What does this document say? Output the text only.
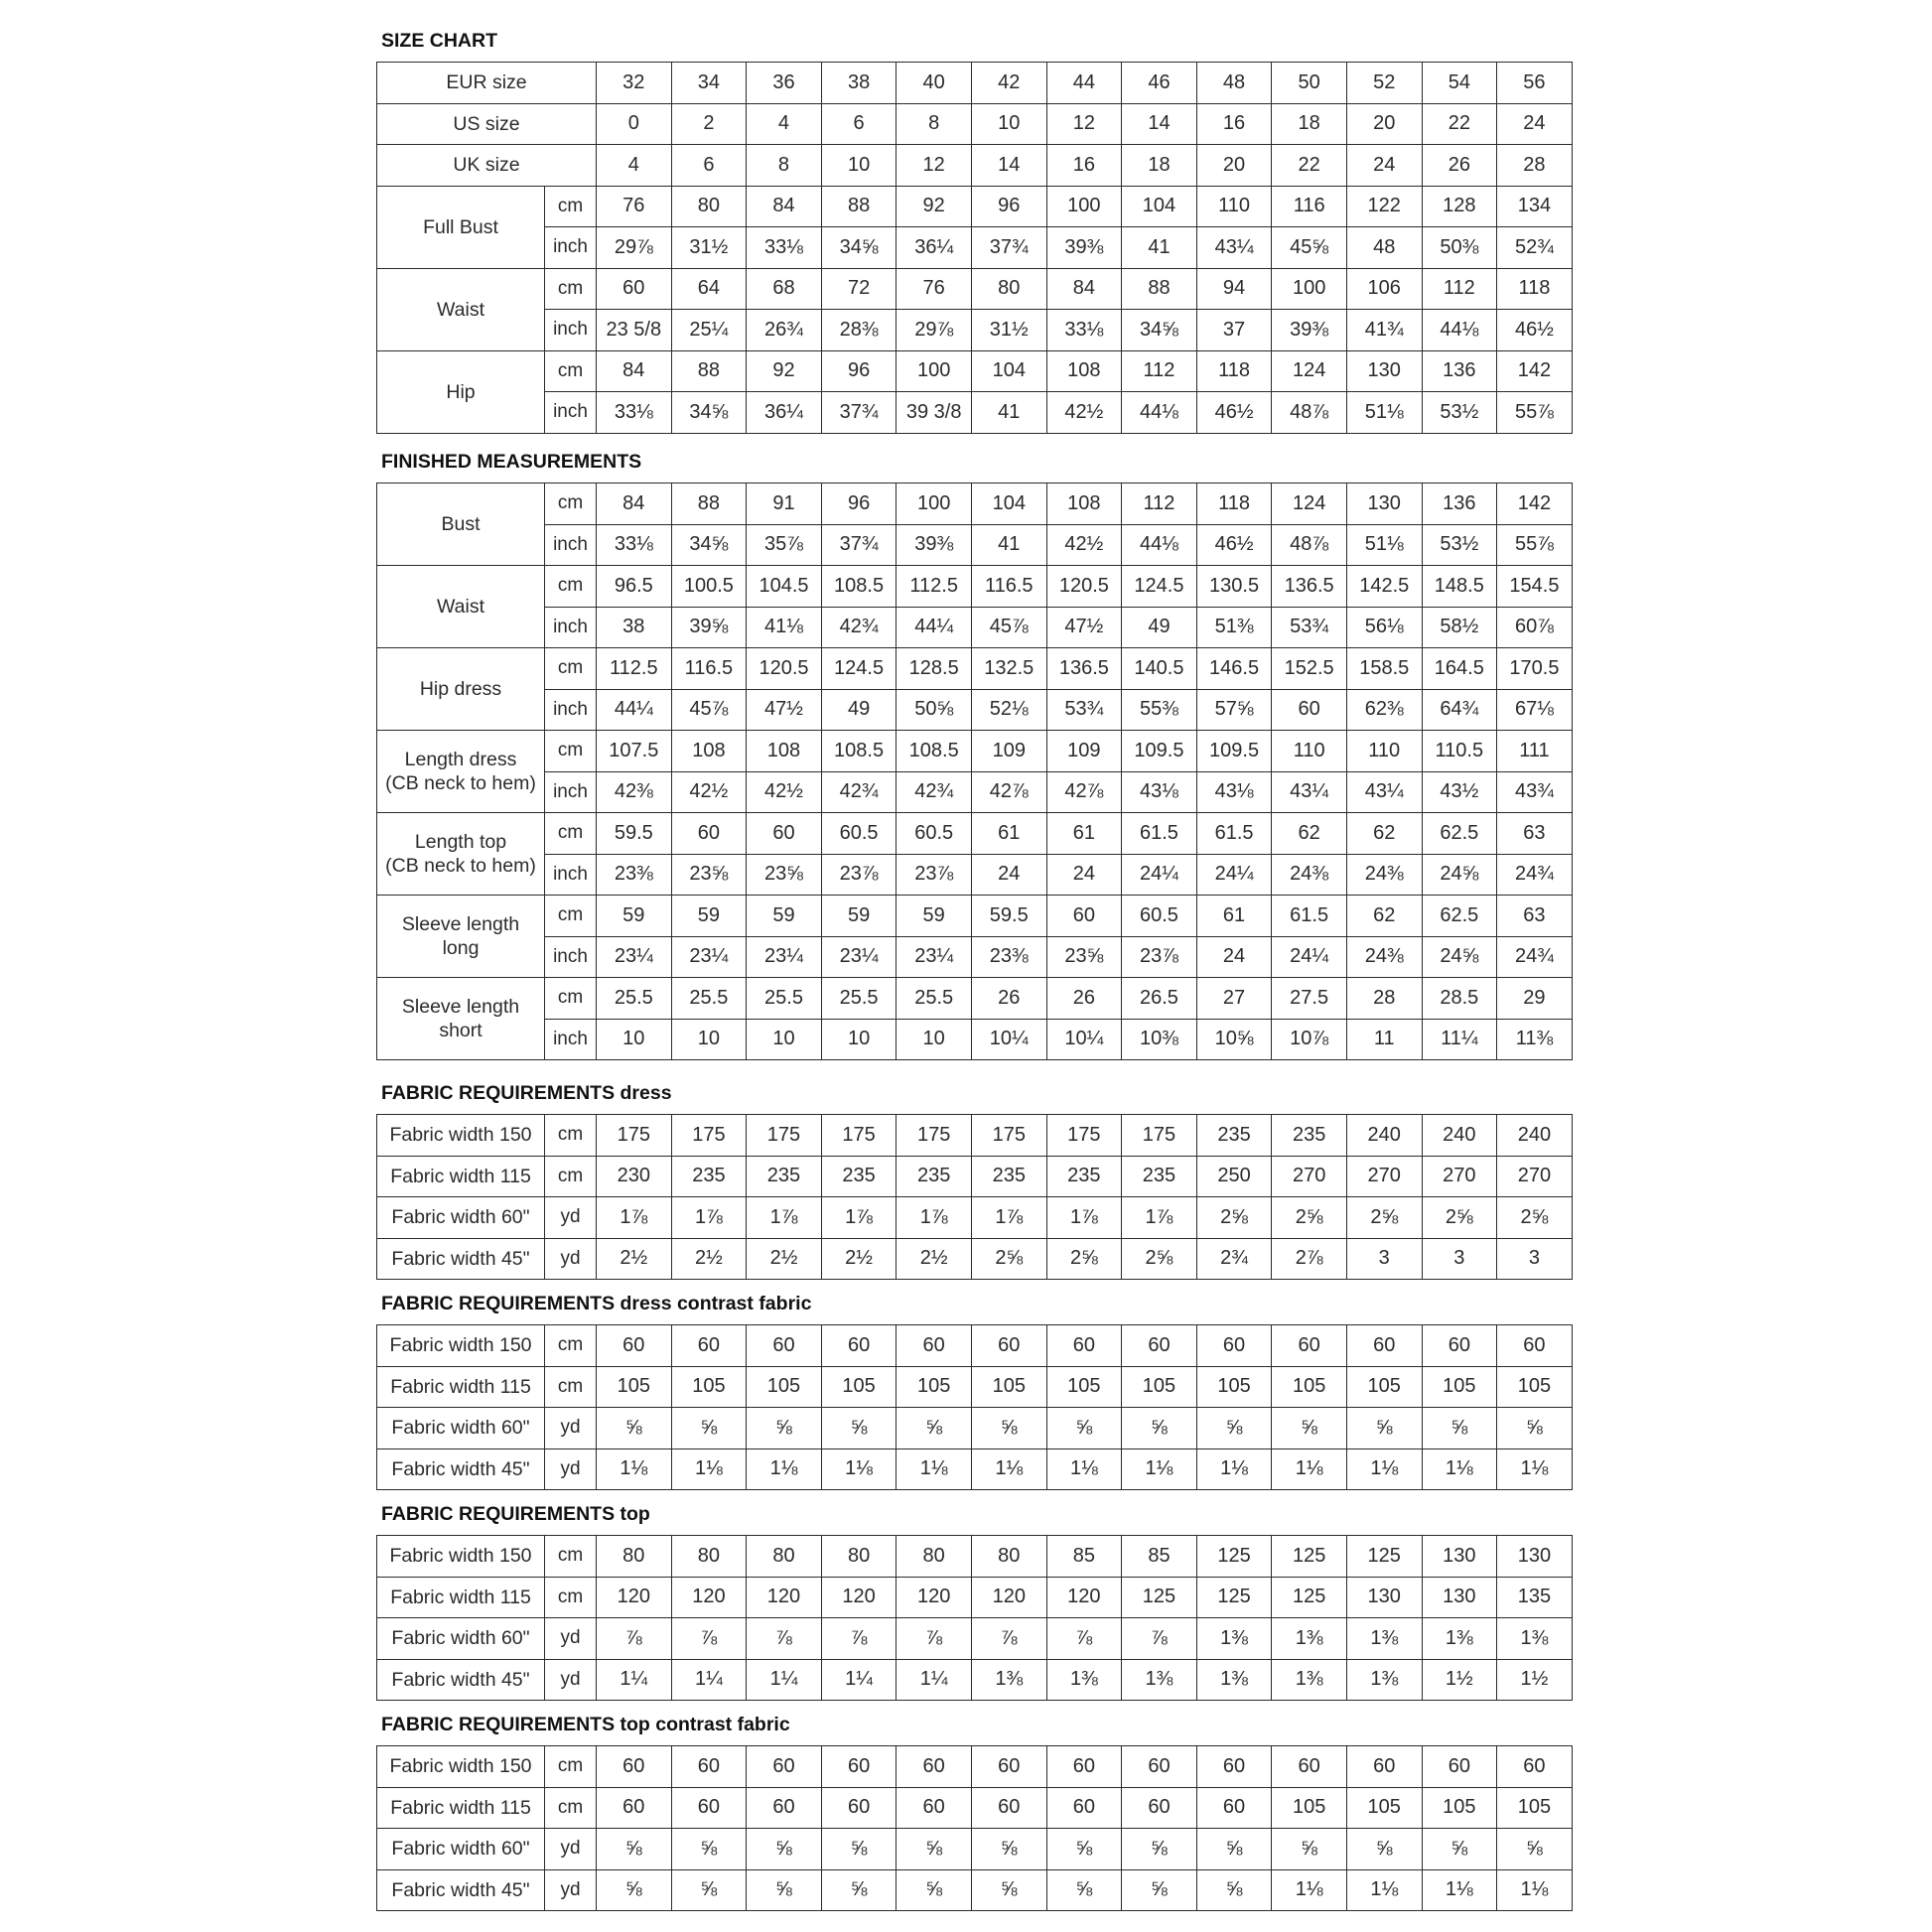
SIZE CHART
EUR size		32	34	36	38	40	42	44	46	48	50	52	54	56
US size		0	2	4	6	8	10	12	14	16	18	20	22	24
UK size		4	6	8	10	12	14	16	18	20	22	24	26	28

Full Bust	cm	76	80	84	88	92	96	100	104	110	116	122	128	134
	inch	29⅞	31½	33⅛	34⅝	36¼	37¾	39⅜	41	43¼	45⅝	48	50⅜	52¾

Waist	cm	60	64	68	72	76	80	84	88	94	100	106	112	118
	inch	23 5/8	25¼	26¾	28⅜	29⅞	31½	33⅛	34⅝	37	39⅜	41¾	44⅛	46½

Hip	cm	84	88	92	96	100	104	108	112	118	124	130	136	142
	inch	33⅛	34⅝	36¼	37¾	39 3/8	41	42½	44⅛	46½	48⅞	51⅛	53½	55⅞
FINISHED MEASUREMENTS
Bust	cm	84	88	91	96	100	104	108	112	118	124	130	136	142
	inch	33⅛	34⅝	35⅞	37¾	39⅜	41	42½	44⅛	46½	48⅞	51⅛	53½	55⅞

Waist	cm	96.5	100.5	104.5	108.5	112.5	116.5	120.5	124.5	130.5	136.5	142.5	148.5	154.5
	inch	38	39⅝	41⅛	42¾	44¼	45⅞	47½	49	51⅜	53¾	56⅛	58½	60⅞

Hip dress	cm	112.5	116.5	120.5	124.5	128.5	132.5	136.5	140.5	146.5	152.5	158.5	164.5	170.5
	inch	44¼	45⅞	47½	49	50⅝	52⅛	53¾	55⅜	57⅝	60	62⅜	64¾	67⅛

Length dress
(CB neck to hem)	cm	107.5	108	108	108.5	108.5	109	109	109.5	109.5	110	110	110.5	111
	inch	42⅜	42½	42½	42¾	42¾	42⅞	42⅞	43⅛	43⅛	43¼	43¼	43½	43¾

Length top
(CB neck to hem)	cm	59.5	60	60	60.5	60.5	61	61	61.5	61.5	62	62	62.5	63
	inch	23⅜	23⅝	23⅝	23⅞	23⅞	24	24	24¼	24¼	24⅜	24⅜	24⅝	24¾

Sleeve length
long	cm	59	59	59	59	59	59.5	60	60.5	61	61.5	62	62.5	63
	inch	23¼	23¼	23¼	23¼	23¼	23⅜	23⅝	23⅞	24	24¼	24⅜	24⅝	24¾

Sleeve length
short	cm	25.5	25.5	25.5	25.5	25.5	26	26	26.5	27	27.5	28	28.5	29
	inch	10	10	10	10	10	10¼	10¼	10⅜	10⅝	10⅞	11	11¼	11⅜
FABRIC REQUIREMENTS dress
Fabric width 150	cm	175	175	175	175	175	175	175	175	235	235	240	240	240
Fabric width 115	cm	230	235	235	235	235	235	235	235	250	270	270	270	270
Fabric width 60"	yd	1⅞	1⅞	1⅞	1⅞	1⅞	1⅞	1⅞	1⅞	2⅝	2⅝	2⅝	2⅝	2⅝
Fabric width 45"	yd	2½	2½	2½	2½	2½	2⅝	2⅝	2⅝	2¾	2⅞	3	3	3
FABRIC REQUIREMENTS dress contrast fabric
Fabric width 150	cm	60	60	60	60	60	60	60	60	60	60	60	60	60
Fabric width 115	cm	105	105	105	105	105	105	105	105	105	105	105	105	105
Fabric width 60"	yd	⅝	⅝	⅝	⅝	⅝	⅝	⅝	⅝	⅝	⅝	⅝	⅝	⅝
Fabric width 45"	yd	1⅛	1⅛	1⅛	1⅛	1⅛	1⅛	1⅛	1⅛	1⅛	1⅛	1⅛	1⅛	1⅛
FABRIC REQUIREMENTS top
Fabric width 150	cm	80	80	80	80	80	80	85	85	125	125	125	130	130
Fabric width 115	cm	120	120	120	120	120	120	120	125	125	125	130	130	135
Fabric width 60"	yd	⅞	⅞	⅞	⅞	⅞	⅞	⅞	⅞	1⅜	1⅜	1⅜	1⅜	1⅜
Fabric width 45"	yd	1¼	1¼	1¼	1¼	1¼	1⅜	1⅜	1⅜	1⅜	1⅜	1⅜	1½	1½
FABRIC REQUIREMENTS top contrast fabric
Fabric width 150	cm	60	60	60	60	60	60	60	60	60	60	60	60	60
Fabric width 115	cm	60	60	60	60	60	60	60	60	60	105	105	105	105
Fabric width 60"	yd	⅝	⅝	⅝	⅝	⅝	⅝	⅝	⅝	⅝	⅝	⅝	⅝	⅝
Fabric width 45"	yd	⅝	⅝	⅝	⅝	⅝	⅝	⅝	⅝	⅝	1⅛	1⅛	1⅛	1⅛
